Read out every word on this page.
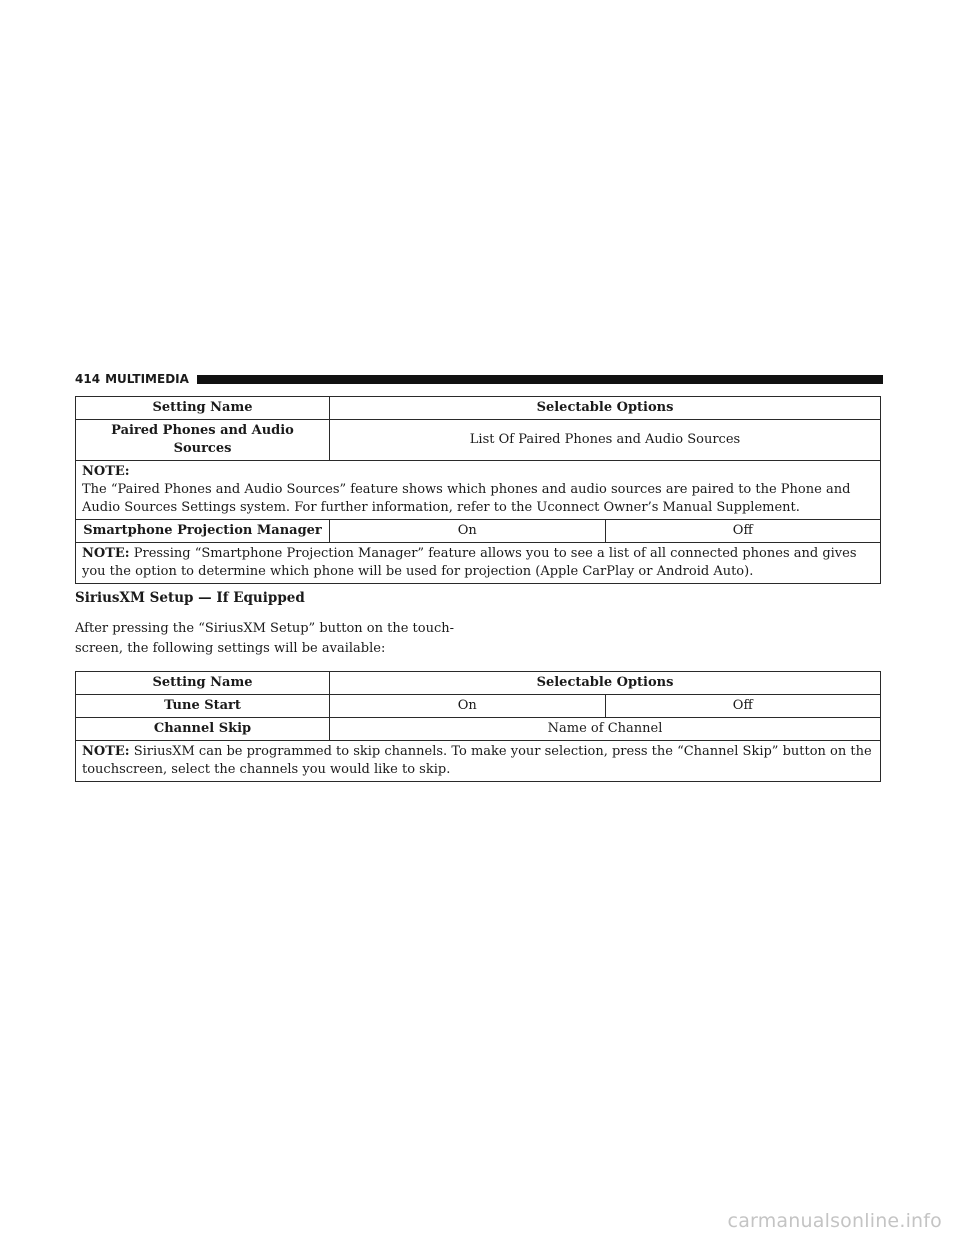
414 MULTIMEDIA
Setting Name	Selectable Options	
Paired Phones and Audio Sources	List Of Paired Phones and Audio Sources	
NOTE:
The “Paired Phones and Audio Sources” feature shows which phones and audio sources are paired to the Phone and Audio Sources Settings system. For further information, refer to the Uconnect Owner’s Manual Supplement.		
Smartphone Projection Manager	On	Off
NOTE: Pressing “Smartphone Projection Manager” feature allows you to see a list of all connected phones and gives you the option to determine which phone will be used for projection (Apple CarPlay or Android Auto).		
SiriusXM Setup — If Equipped

After pressing the “SiriusXM Setup” button on the touch- screen, the following settings will be available:

Setting Name	Selectable Options	
Tune Start	On	Off
Channel Skip	Name of Channel	
NOTE: SiriusXM can be programmed to skip channels. To make your selection, press the “Channel Skip” button on the touchscreen, select the channels you would like to skip.		
carmanualsonline.info
